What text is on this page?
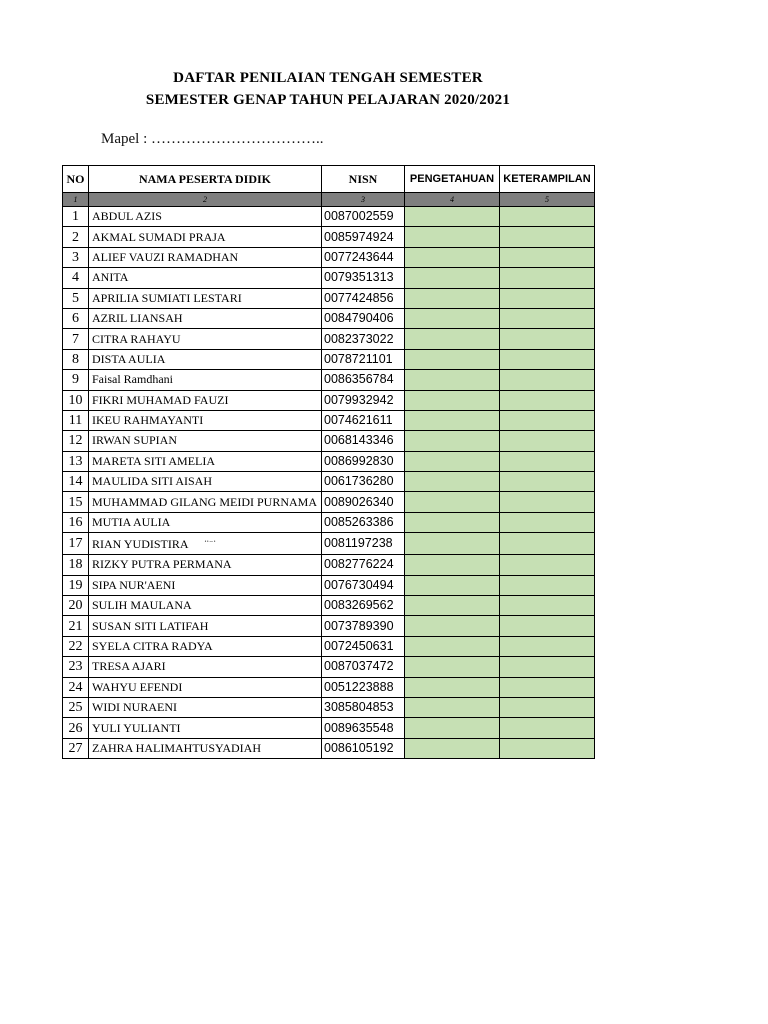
DAFTAR PENILAIAN TENGAH SEMESTER
SEMESTER GENAP TAHUN PELAJARAN 2020/2021
Mapel : ……………………………..
NO	NAMA PESERTA DIDIK	NISN	PENGETAHUAN	KETERAMPILAN
1	2	3	4	5
1	ABDUL AZIS	0087002559		
2	AKMAL SUMADI PRAJA	0085974924		
3	ALIEF VAUZI RAMADHAN	0077243644		
4	ANITA	0079351313		
5	APRILIA SUMIATI LESTARI	0077424856		
6	AZRIL LIANSAH	0084790406		
7	CITRA RAHAYU	0082373022		
8	DISTA AULIA	0078721101		
9	Faisal Ramdhani	0086356784		
10	FIKRI MUHAMAD FAUZI	0079932942		
11	IKEU RAHMAYANTI	0074621611		
12	IRWAN SUPIAN	0068143346		
13	MARETA SITI AMELIA	0086992830		
14	MAULIDA SITI AISAH	0061736280		
15	MUHAMMAD GILANG MEIDI PURNAMA	0089026340		
16	MUTIA AULIA	0085263386		
17	RIAN YUDISTIRA ••∼•	0081197238		
18	RIZKY PUTRA PERMANA	0082776224		
19	SIPA NUR'AENI	0076730494		
20	SULIH MAULANA	0083269562		
21	SUSAN SITI LATIFAH	0073789390		
22	SYELA CITRA RADYA	0072450631		
23	TRESA AJARI	0087037472		
24	WAHYU EFENDI	0051223888		
25	WIDI NURAENI	3085804853		
26	YULI YULIANTI	0089635548		
27	ZAHRA HALIMAHTUSYADIAH	0086105192		
